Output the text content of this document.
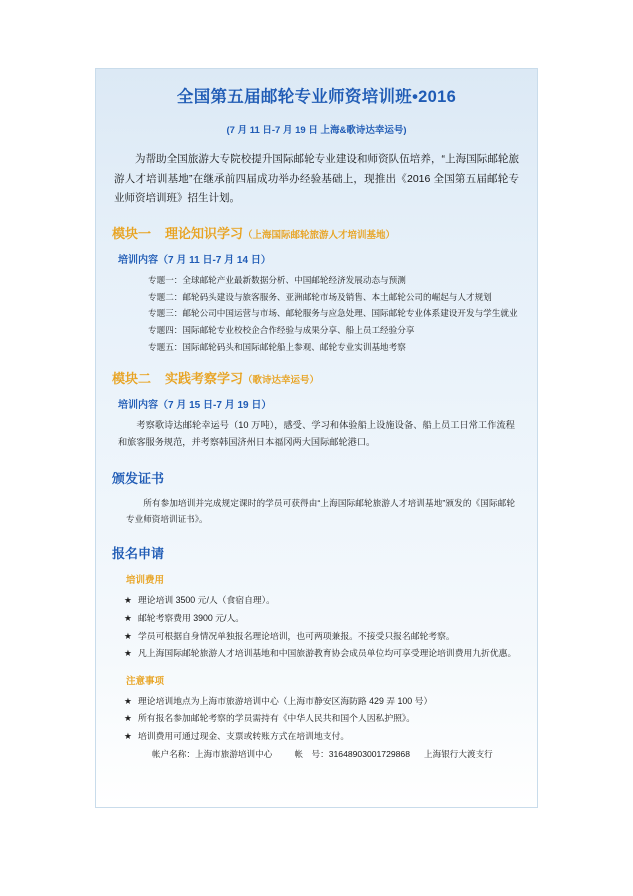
全国第五届邮轮专业师资培训班•2016
(7 月 11 日-7 月 19 日 上海&歌诗达幸运号)
为帮助全国旅游大专院校提升国际邮轮专业建设和师资队伍培养，“上海国际邮轮旅游人才培训基地”在继承前四届成功举办经验基础上，现推出《2016 全国第五届邮轮专业师资培训班》招生计划。
模块一 理论知识学习（上海国际邮轮旅游人才培训基地）
培训内容（7 月 11 日-7 月 14 日）
专题一：全球邮轮产业最新数据分析、中国邮轮经济发展动态与预测
专题二：邮轮码头建设与旅客服务、亚洲邮轮市场及销售、本土邮轮公司的崛起与人才规划
专题三：邮轮公司中国运营与市场、邮轮服务与应急处理、国际邮轮专业体系建设开发与学生就业
专题四：国际邮轮专业校校企合作经验与成果分享、船上员工经验分享
专题五：国际邮轮码头和国际邮轮船上参观、邮轮专业实训基地考察
模块二 实践考察学习（歌诗达幸运号）
培训内容（7 月 15 日-7 月 19 日）
考察歌诗达邮轮幸运号（10 万吨），感受、学习和体验船上设施设备、船上员工日常工作流程和旅客服务规范，并考察韩国济州日本福冈两大国际邮轮港口。
颁发证书
所有参加培训并完成规定课时的学员可获得由“上海国际邮轮旅游人才培训基地”颁发的《国际邮轮专业师资培训证书》。
报名申请
培训费用
★ 理论培训 3500 元/人（食宿自理）。
★ 邮轮考察费用 3900 元/人。
★ 学员可根据自身情况单独报名理论培训，也可两项兼报。不接受只报名邮轮考察。
★ 凡上海国际邮轮旅游人才培训基地和中国旅游教育协会成员单位均可享受理论培训费用九折优惠。
注意事项
★ 理论培训地点为上海市旅游培训中心（上海市静安区海防路 429 弄 100 号）
★ 所有报名参加邮轮考察的学员需持有《中华人民共和国个人因私护照》。
★ 培训费用可通过现金、支票或转账方式在培训地支付。
帐户名称：上海市旅游培训中心	帐　号：31648903001729868 上海银行大渡支行
